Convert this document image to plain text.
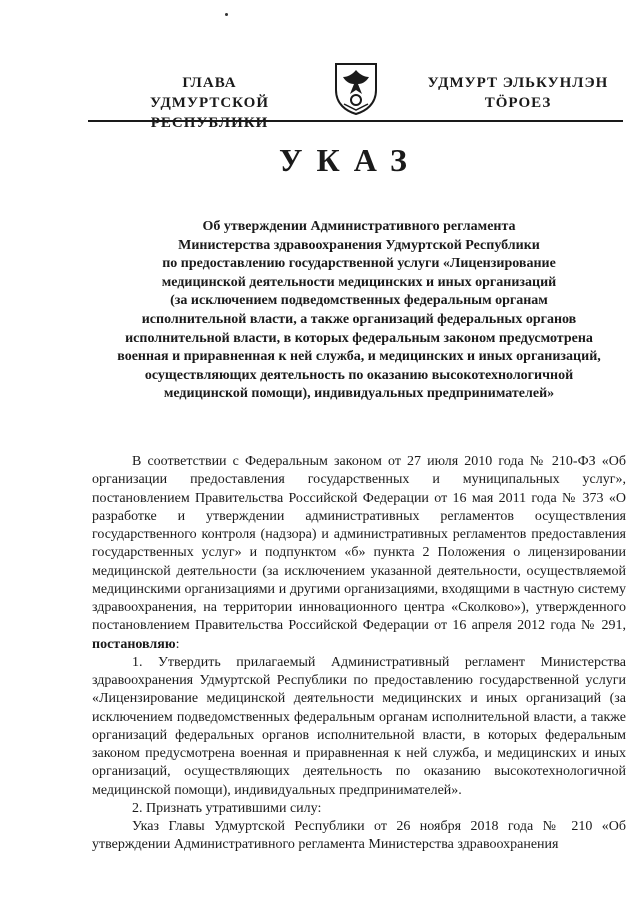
ГЛАВА
УДМУРТСКОЙ РЕСПУБЛИКИ
УДМУРТ ЭЛЬКУНЛЭН
ТӦРОЕЗ
УКАЗ
Об утверждении Административного регламента
Министерства здравоохранения Удмуртской Республики
по предоставлению государственной услуги «Лицензирование
медицинской деятельности медицинских и иных организаций
(за исключением подведомственных федеральным органам
исполнительной власти, а также организаций федеральных органов
исполнительной власти, в которых федеральным законом предусмотрена
военная и приравненная к ней служба, и медицинских и иных организаций,
осуществляющих деятельность по оказанию высокотехнологичной
медицинской помощи), индивидуальных предпринимателей»

В соответствии с Федеральным законом от 27 июля 2010 года № 210-ФЗ «Об организации предоставления государственных и муниципальных услуг», постановлением Правительства Российской Федерации от 16 мая 2011 года № 373 «О разработке и утверждении административных регламентов осуществления государственного контроля (надзора) и административных регламентов предоставления государственных услуг» и подпунктом «б» пункта 2 Положения о лицензировании медицинской деятельности (за исключением указанной деятельности, осуществляемой медицинскими организациями и другими организациями, входящими в частную систему здравоохранения, на территории инновационного центра «Сколково»), утвержденного постановлением Правительства Российской Федерации от 16 апреля 2012 года № 291, постановляю:

1. Утвердить прилагаемый Административный регламент Министерства здравоохранения Удмуртской Республики по предоставлению государственной услуги «Лицензирование медицинской деятельности медицинских и иных организаций (за исключением подведомственных федеральным органам исполнительной власти, а также организаций федеральных органов исполнительной власти, в которых федеральным законом предусмотрена военная и приравненная к ней служба, и медицинских и иных организаций, осуществляющих деятельность по оказанию высокотехнологичной медицинской помощи), индивидуальных предпринимателей».

2. Признать утратившими силу:

Указ Главы Удмуртской Республики от 26 ноября 2018 года № 210 «Об утверждении Административного регламента Министерства здравоохранения
